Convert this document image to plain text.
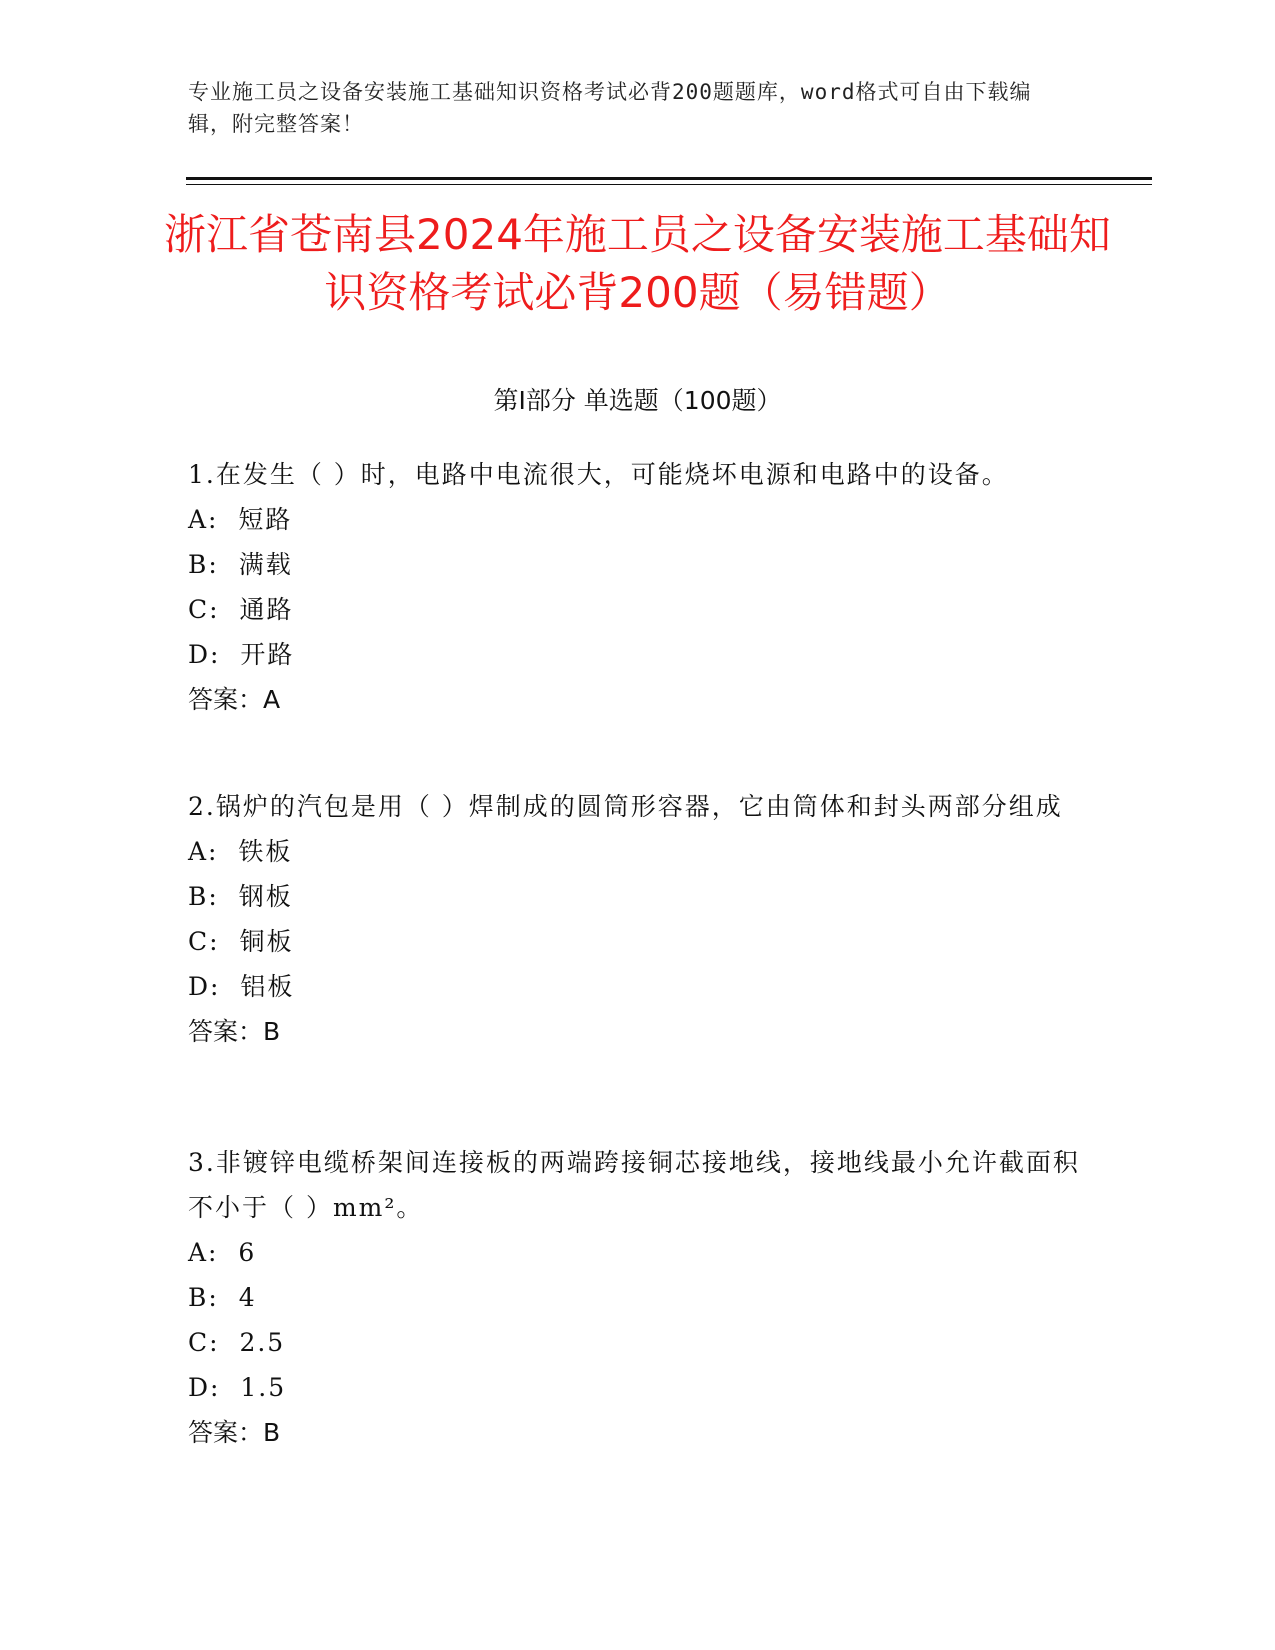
专业施工员之设备安装施工基础知识资格考试必背200题题库，word格式可自由下载编辑，附完整答案！
浙江省苍南县2024年施工员之设备安装施工基础知识资格考试必背200题（易错题）
第I部分 单选题（100题）

1.在发生（ ）时，电路中电流很大，可能烧坏电源和电路中的设备。

A:  短路

B:  满载

C:  通路

D:  开路

答案：A

2.锅炉的汽包是用（ ）焊制成的圆筒形容器，它由筒体和封头两部分组成

A:  铁板

B:  钢板

C:  铜板

D:  铝板

答案：B

3.非镀锌电缆桥架间连接板的两端跨接铜芯接地线，接地线最小允许截面积不小于（ ）mm²。

A:  6

B:  4

C:  2.5

D:  1.5

答案：B
